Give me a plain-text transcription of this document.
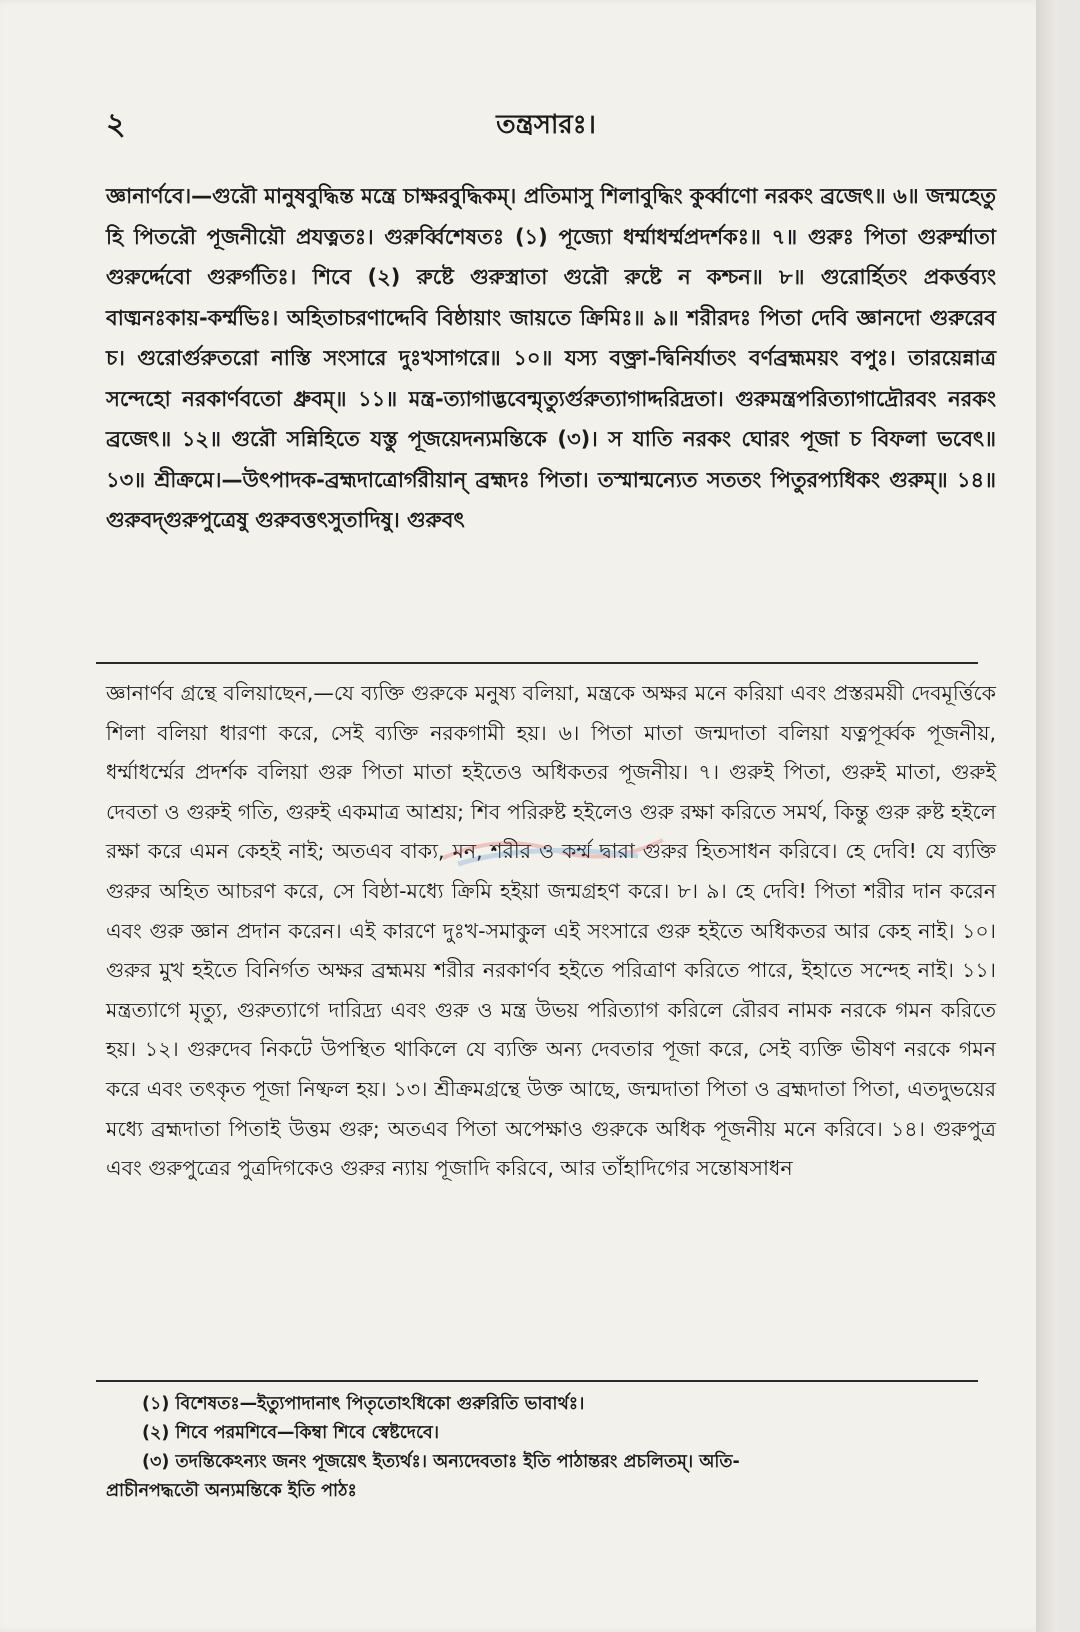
২	তন্ত্রসারঃ।

জ্ঞানার্ণবে।—গুরৌ মানুষবুদ্ধিন্ত মন্ত্রে চাক্ষরবুদ্ধিকম্। প্রতিমাসু শিলাবুদ্ধিং কুর্ব্বাণো নরকং ব্রজেৎ॥ ৬॥ জন্মহেতু হি পিতরৌ পূজনীয়ৌ প্রযত্নতঃ। গুরুর্ব্বিশেষতঃ (১) পূজ্যো ধর্ম্মাধর্ম্মপ্রদর্শকঃ॥ ৭॥ গুরুঃ পিতা গুরুর্ম্মাতা গুরুর্দ্দেবো গুরুর্গতিঃ। শিবে (২) রুষ্টে গুরুস্ত্রাতা গুরৌ রুষ্টে ন কশ্চন॥ ৮॥ গুরোর্হিতং প্রকর্ত্তব্যং বাঙ্মনঃকায়-কর্ম্মভিঃ। অহিতাচরণাদ্দেবি বিষ্ঠায়াং জায়তে ক্রিমিঃ॥ ৯॥ শরীরদঃ পিতা দেবি জ্ঞানদো গুরুরেব চ। গুরোর্গুরুতরো নাস্তি সংসারে দুঃখসাগরে॥ ১০॥ যস্য বক্ত্রা-দ্বিনির্যাতং বর্ণব্রহ্মময়ং বপুঃ। তারয়েন্নাত্র সন্দেহো নরকার্ণবতো ধ্রুবম্॥ ১১॥ মন্ত্র-ত্যাগাদ্ভবেন্মৃত্যুর্গুরুত্যাগাদ্দরিদ্রতা। গুরুমন্ত্রপরিত্যাগাদ্রৌরবং নরকং ব্রজেৎ॥ ১২॥ গুরৌ সন্নিহিতে যস্তু পূজয়েদন্যমন্তিকে (৩)। স যাতি নরকং ঘোরং পূজা চ বিফলা ভবেৎ॥ ১৩॥ শ্রীক্রমে।—উৎপাদক-ব্রহ্মদাত্রোর্গরীয়ান্ ব্রহ্মদঃ পিতা। তস্মান্মন্যেত সততং পিতুরপ্যধিকং গুরুম্॥ ১৪॥ গুরুবদ্গুরুপুত্রেষু গুরুবত্তৎসুতাদিষু। গুরুবৎ

জ্ঞানার্ণব গ্রন্থে বলিয়াছেন,—যে ব্যক্তি গুরুকে মনুষ্য বলিয়া, মন্ত্রকে অক্ষর মনে করিয়া এবং প্রস্তরময়ী দেবমূর্ত্তিকে শিলা বলিয়া ধারণা করে, সেই ব্যক্তি নরকগামী হয়। ৬। পিতা মাতা জন্মদাতা বলিয়া যত্নপূর্ব্বক পূজনীয়, ধর্ম্মাধর্ম্মের প্রদর্শক বলিয়া গুরু পিতা মাতা হইতেও অধিকতর পূজনীয়। ৭। গুরুই পিতা, গুরুই মাতা, গুরুই দেবতা ও গুরুই গতি, গুরুই একমাত্র আশ্রয়; শিব পরিরুষ্ট হইলেও গুরু রক্ষা করিতে সমর্থ, কিন্তু গুরু রুষ্ট হইলে রক্ষা করে এমন কেহই নাই; অতএব বাক্য, মন, শরীর ও কর্ম্ম দ্বারা গুরুর হিতসাধন করিবে। হে দেবি! যে ব্যক্তি গুরুর অহিত আচরণ করে, সে বিষ্ঠা-মধ্যে ক্রিমি হইয়া জন্মগ্রহণ করে। ৮। ৯। হে দেবি! পিতা শরীর দান করেন এবং গুরু জ্ঞান প্রদান করেন। এই কারণে দুঃখ-সমাকুল এই সংসারে গুরু হইতে অধিকতর আর কেহ নাই। ১০। গুরুর মুখ হইতে বিনির্গত অক্ষর ব্রহ্মময় শরীর নরকার্ণব হইতে পরিত্রাণ করিতে পারে, ইহাতে সন্দেহ নাই। ১১। মন্ত্রত্যাগে মৃত্যু, গুরুত্যাগে দারিদ্র্য এবং গুরু ও মন্ত্র উভয় পরিত্যাগ করিলে রৌরব নামক নরকে গমন করিতে হয়। ১২। গুরুদেব নিকটে উপস্থিত থাকিলে যে ব্যক্তি অন্য দেবতার পূজা করে, সেই ব্যক্তি ভীষণ নরকে গমন করে এবং তৎকৃত পূজা নিষ্ফল হয়। ১৩। শ্রীক্রমগ্রন্থে উক্ত আছে, জন্মদাতা পিতা ও ব্রহ্মদাতা পিতা, এতদুভয়ের মধ্যে ব্রহ্মদাতা পিতাই উত্তম গুরু; অতএব পিতা অপেক্ষাও গুরুকে অধিক পূজনীয় মনে করিবে। ১৪। গুরুপুত্র এবং গুরুপুত্রের পুত্রদিগকেও গুরুর ন্যায় পূজাদি করিবে, আর তাঁহাদিগের সন্তোষসাধন

(১) বিশেষতঃ—ইত্যুপাদানাৎ পিতৃতোঽধিকো গুরুরিতি ভাবার্থঃ।
(২) শিবে পরমশিবে—কিম্বা শিবে স্বেষ্টদেবে।
(৩) তদন্তিকেঽন্যং জনং পূজয়েৎ ইত্যর্থঃ। অন্যদেবতাঃ ইতি পাঠান্তরং প্রচলিতম্। অতি-
প্রাচীনপদ্ধতৌ অন্যমন্তিকে ইতি পাঠঃ
